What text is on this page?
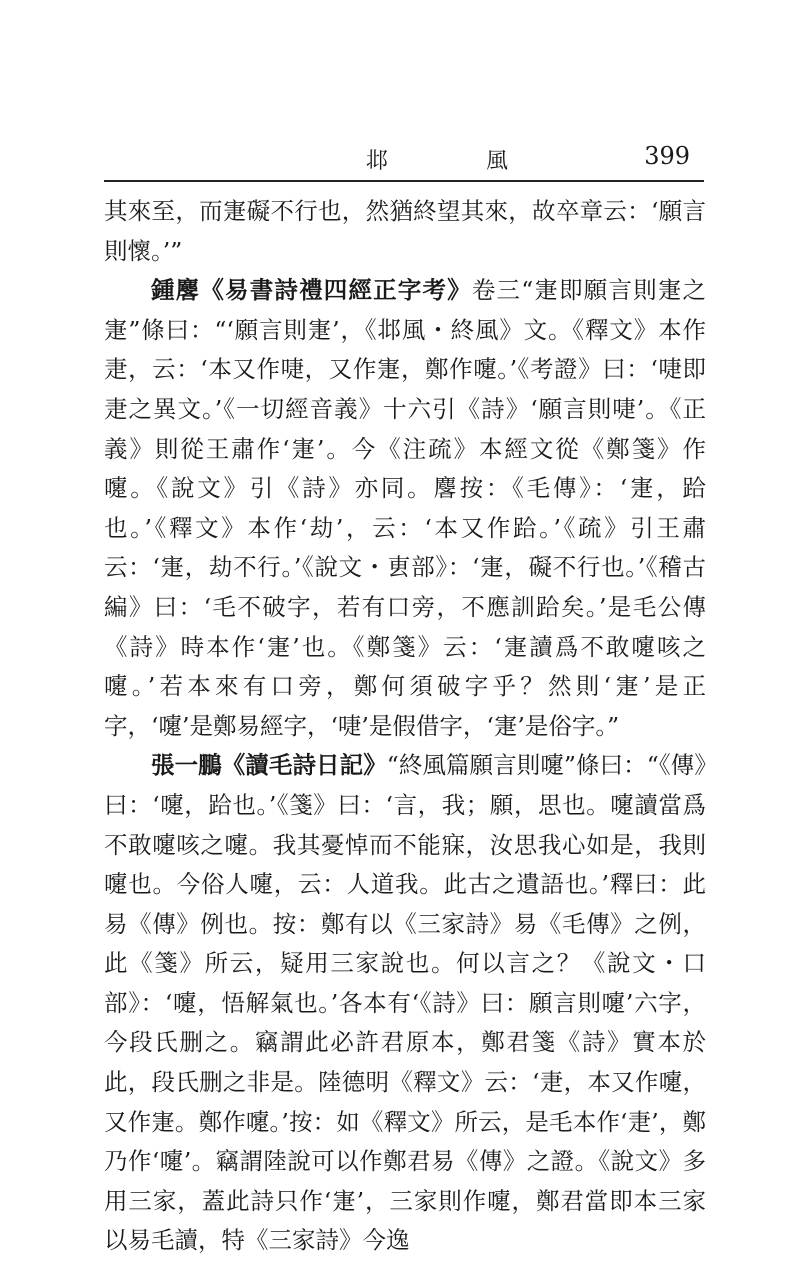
邶　風	399

其來至，而寁礙不行也，然猶終望其來，故卒章云：‘願言則懷。’”

鍾麐《易書詩禮四經正字考》卷三“寁即願言則寁之寁”條曰：“‘願言則寁’，《邶風・終風》文。《釋文》本作疌，云：‘本又作啑，又作寁，鄭作嚔。’《考證》曰：‘啑即疌之異文。’《一切經音義》十六引《詩》‘願言則啑’。《正義》則從王肅作‘寁’。今《注疏》本經文從《鄭箋》作嚔。《說文》引《詩》亦同。麐按：《毛傳》：‘寁，跲也。’《釋文》本作‘劫’，云：‘本又作跲。’《疏》引王肅云：‘寁，劫不行。’《說文・叀部》：‘寁，礙不行也。’《稽古編》曰：‘毛不破字，若有口旁，不應訓跲矣。’是毛公傳《詩》時本作‘寁’也。《鄭箋》云：‘寁讀爲不敢嚔咳之嚔。’若本來有口旁，鄭何須破字乎？然則‘寁’是正字，‘嚔’是鄭易經字，‘啑’是假借字，‘寁’是俗字。”

張一鵬《讀毛詩日記》“終風篇願言則嚔”條曰：“《傳》曰：‘嚔，跲也。’《箋》曰：‘言，我；願，思也。嚔讀當爲不敢嚔咳之嚔。我其憂悼而不能寐，汝思我心如是，我則嚔也。今俗人嚔，云：人道我。此古之遺語也。’釋曰：此易《傳》例也。按：鄭有以《三家詩》易《毛傳》之例，此《箋》所云，疑用三家說也。何以言之？《說文・口部》：‘嚔，悟解氣也。’各本有‘《詩》曰：願言則嚔’六字，今段氏删之。竊謂此必許君原本，鄭君箋《詩》實本於此，段氏删之非是。陸德明《釋文》云：‘疌，本又作嚔，又作寁。鄭作嚔。’按：如《釋文》所云，是毛本作‘疌’，鄭乃作‘嚔’。竊謂陸說可以作鄭君易《傳》之證。《說文》多用三家，蓋此詩只作‘寁’，三家則作嚔，鄭君當即本三家以易毛讀，特《三家詩》今逸
